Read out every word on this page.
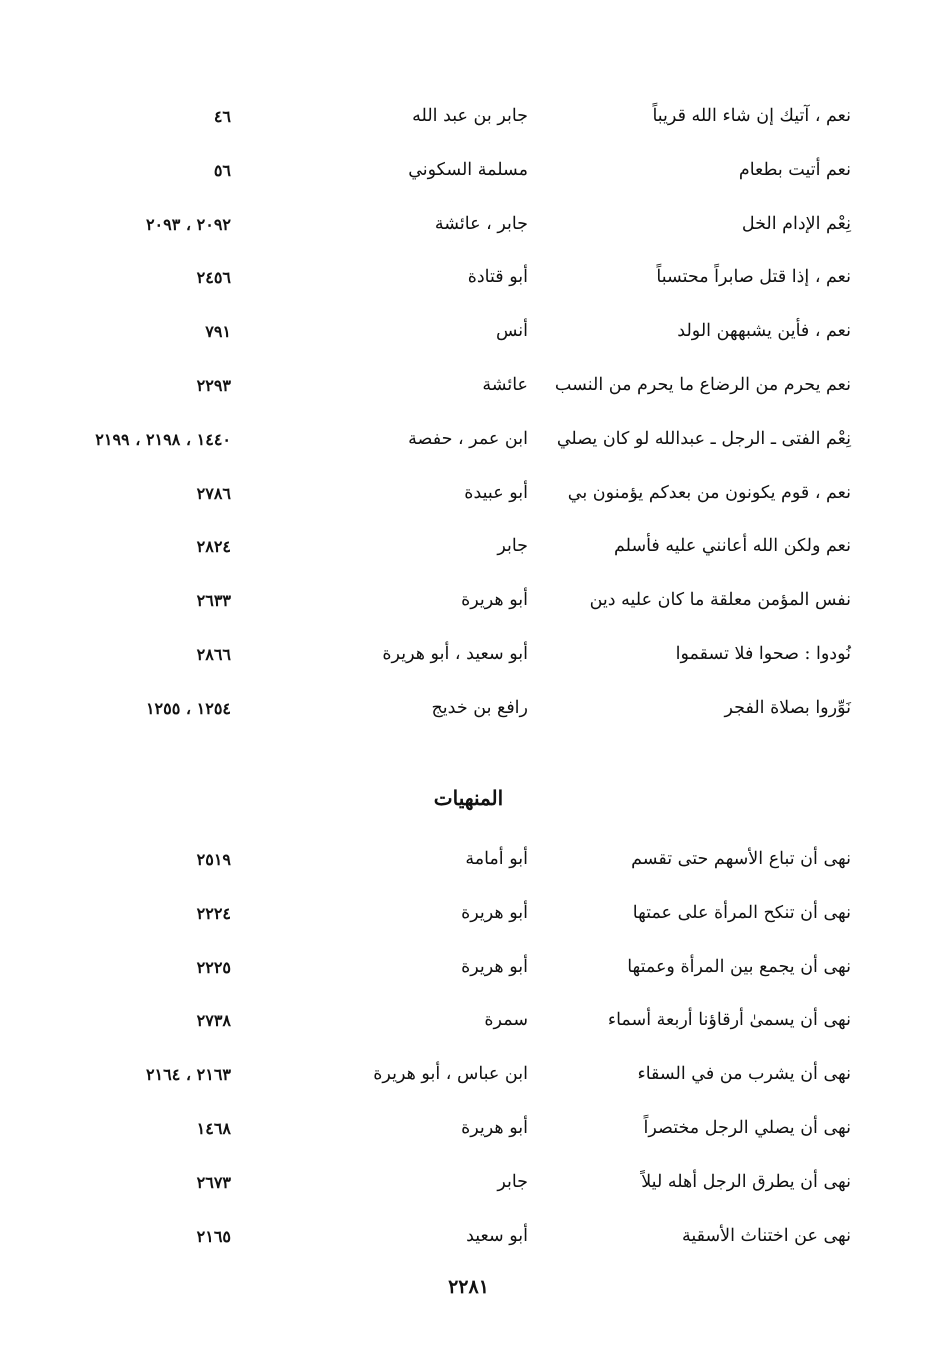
نعم ، آتيك إن شاء الله قريباً
جابر بن عبد الله
٤٦
نعم أتيت بطعام
مسلمة السكوني
٥٦
نِعْم الإدام الخل
جابر ، عائشة
٢٠٩٢ ، ٢٠٩٣
نعم ، إذا قتل صابراً محتسباً
أبو قتادة
٢٤٥٦
نعم ، فأين يشبههن الولد
أنس
٧٩١
نعم يحرم من الرضاع ما يحرم من النسب
عائشة
٢٢٩٣
نِعْم الفتى ـ الرجل ـ عبدالله لو كان يصلي
ابن عمر ، حفصة
١٤٤٠ ، ٢١٩٨ ، ٢١٩٩
نعم ، قوم يكونون من بعدكم يؤمنون بي
أبو عبيدة
٢٧٨٦
نعم ولكن الله أعانني عليه فأسلم
جابر
٢٨٢٤
نفس المؤمن معلقة ما كان عليه دين
أبو هريرة
٢٦٣٣
نُودوا : صحوا فلا تسقموا
أبو سعيد ، أبو هريرة
٢٨٦٦
نَوِّروا بصلاة الفجر
رافع بن خديج
١٢٥٤ ، ١٢٥٥
المنهيات
نهى أن تباع الأسهم حتى تقسم
أبو أمامة
٢٥١٩
نهى أن تنكح المرأة على عمتها
أبو هريرة
٢٢٢٤
نهى أن يجمع بين المرأة وعمتها
أبو هريرة
٢٢٢٥
نهى أن يسمىٰ أرقاؤنا أربعة أسماء
سمرة
٢٧٣٨
نهى أن يشرب من في السقاء
ابن عباس ، أبو هريرة
٢١٦٣ ، ٢١٦٤
نهى أن يصلي الرجل مختصراً
أبو هريرة
١٤٦٨
نهى أن يطرق الرجل أهله ليلاً
جابر
٢٦٧٣
نهى عن اختناث الأسقية
أبو سعيد
٢١٦٥
٢٢٨١
